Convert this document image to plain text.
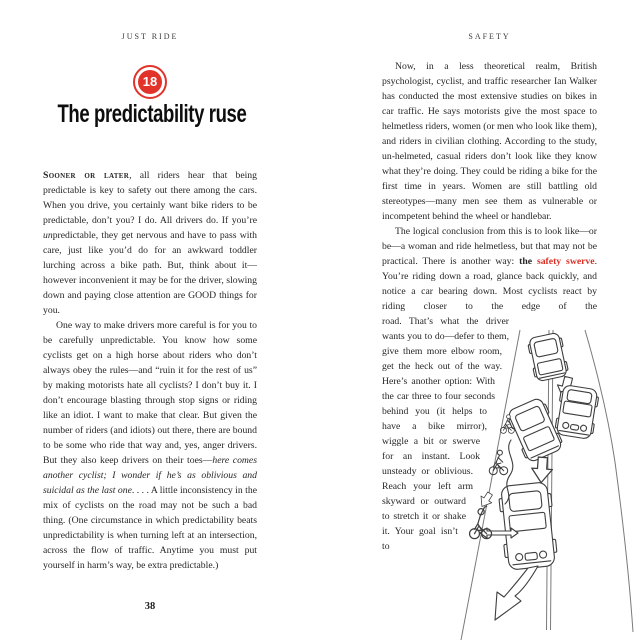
JUST RIDE
18
The predictability ruse

Sooner or later, all riders hear that being predictable is key to safety out there among the cars. When you drive, you certainly want bike riders to be predictable, don’t you? I do. All drivers do. If you’re unpredictable, they get nervous and have to pass with care, just like you’d do for an awkward toddler lurching across a bike path. But, think about it—however inconvenient it may be for the driver, slowing down and paying close attention are GOOD things for you.

One way to make drivers more careful is for you to be carefully unpredictable. You know how some cyclists get on a high horse about riders who don’t always obey the rules—and “ruin it for the rest of us” by making motorists hate all cyclists? I don’t buy it. I don’t encourage blasting through stop signs or riding like an idiot. I want to make that clear. But given the number of riders (and idiots) out there, there are bound to be some who ride that way and, yes, anger drivers. But they also keep drivers on their toes—here comes another cyclist; I wonder if he’s as oblivious and suicidal as the last one. . . . A little inconsistency in the mix of cyclists on the road may not be such a bad thing. (One circumstance in which predictability beats unpredictability is when turning left at an intersection, across the flow of traffic. Anytime you must put yourself in harm’s way, be extra predictable.)

38
SAFETY

Now, in a less theoretical realm, British psychologist, cyclist, and traffic researcher Ian Walker has conducted the most extensive studies on bikes in car traffic. He says motorists give the most space to helmetless riders, women (or men who look like them), and riders in civilian clothing. According to the study, un-helmeted, casual riders don’t look like they know what they’re doing. They could be riding a bike for the first time in years. Women are still battling old stereotypes—many men see them as vulnerable or incompetent behind the wheel or handlebar.

The logical conclusion from this is to look like—or be—a woman and ride helmetless, but that may not be practical. There is another way: the safety swerve. You’re riding down a road, glance back quickly, and notice a car bearing down. Most cyclists react by riding closer to the edge of the

road. That’s what the driver wants you to do—defer to them, give them more elbow room, get the heck out of the way. Here’s another option: With the car three to four seconds behind you (it helps to have a bike mirror), wiggle a bit or swerve for an instant. Look unsteady or oblivious. Reach your left arm skyward or outward to stretch it or shake it. Your goal isn’t to
